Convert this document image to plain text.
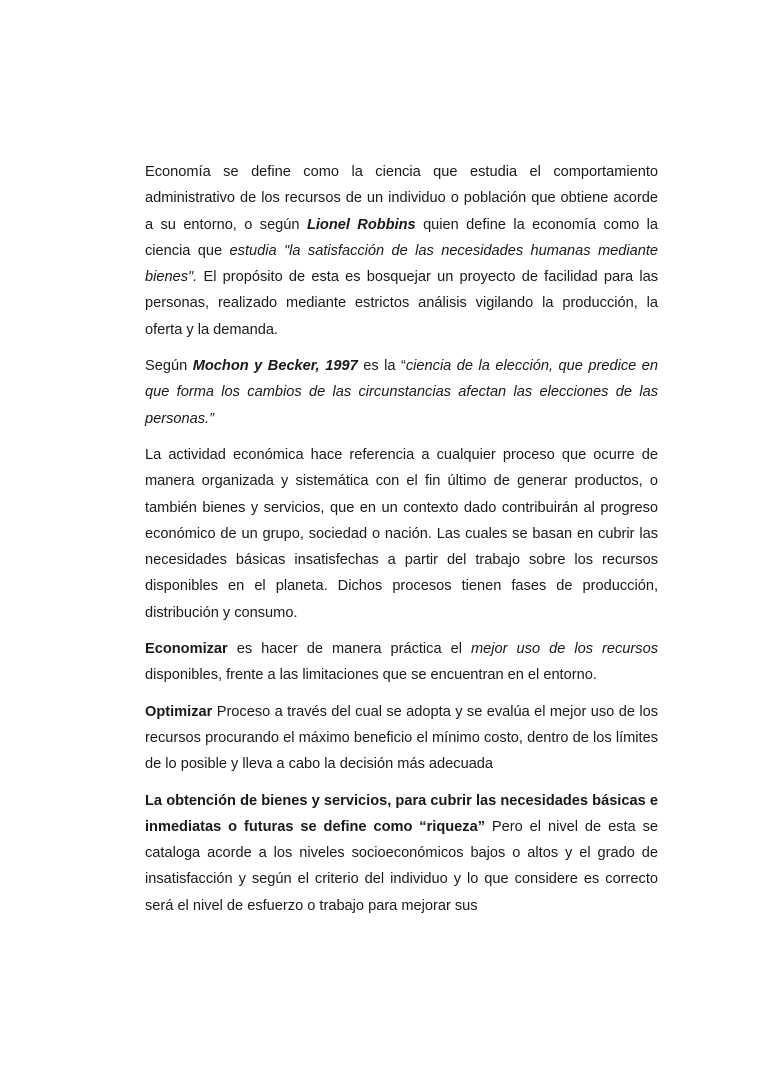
Economía se define como la ciencia que estudia el comportamiento administrativo de los recursos de un individuo o población que obtiene acorde a su entorno, o según Lionel Robbins quien define la economía como la ciencia que estudia "la satisfacción de las necesidades humanas mediante bienes". El propósito de esta es bosquejar un proyecto de facilidad para las personas, realizado mediante estrictos análisis vigilando la producción, la oferta y la demanda.

Según Mochon y Becker, 1997 es la “ciencia de la elección, que predice en que forma los cambios de las circunstancias afectan las elecciones de las personas.”

La actividad económica hace referencia a cualquier proceso que ocurre de manera organizada y sistemática con el fin último de generar productos, o también bienes y servicios, que en un contexto dado contribuirán al progreso económico de un grupo, sociedad o nación. Las cuales se basan en cubrir las necesidades básicas insatisfechas a partir del trabajo sobre los recursos disponibles en el planeta. Dichos procesos tienen fases de producción, distribución y consumo.

Economizar es hacer de manera práctica el mejor uso de los recursos disponibles, frente a las limitaciones que se encuentran en el entorno.

Optimizar Proceso a través del cual se adopta y se evalúa el mejor uso de los recursos procurando el máximo beneficio el mínimo costo, dentro de los límites de lo posible y lleva a cabo la decisión más adecuada

La obtención de bienes y servicios, para cubrir las necesidades básicas e inmediatas o futuras se define como “riqueza” Pero el nivel de esta se cataloga acorde a los niveles socioeconómicos bajos o altos y el grado de insatisfacción y según el criterio del individuo y lo que considere es correcto será el nivel de esfuerzo o trabajo para mejorar sus
